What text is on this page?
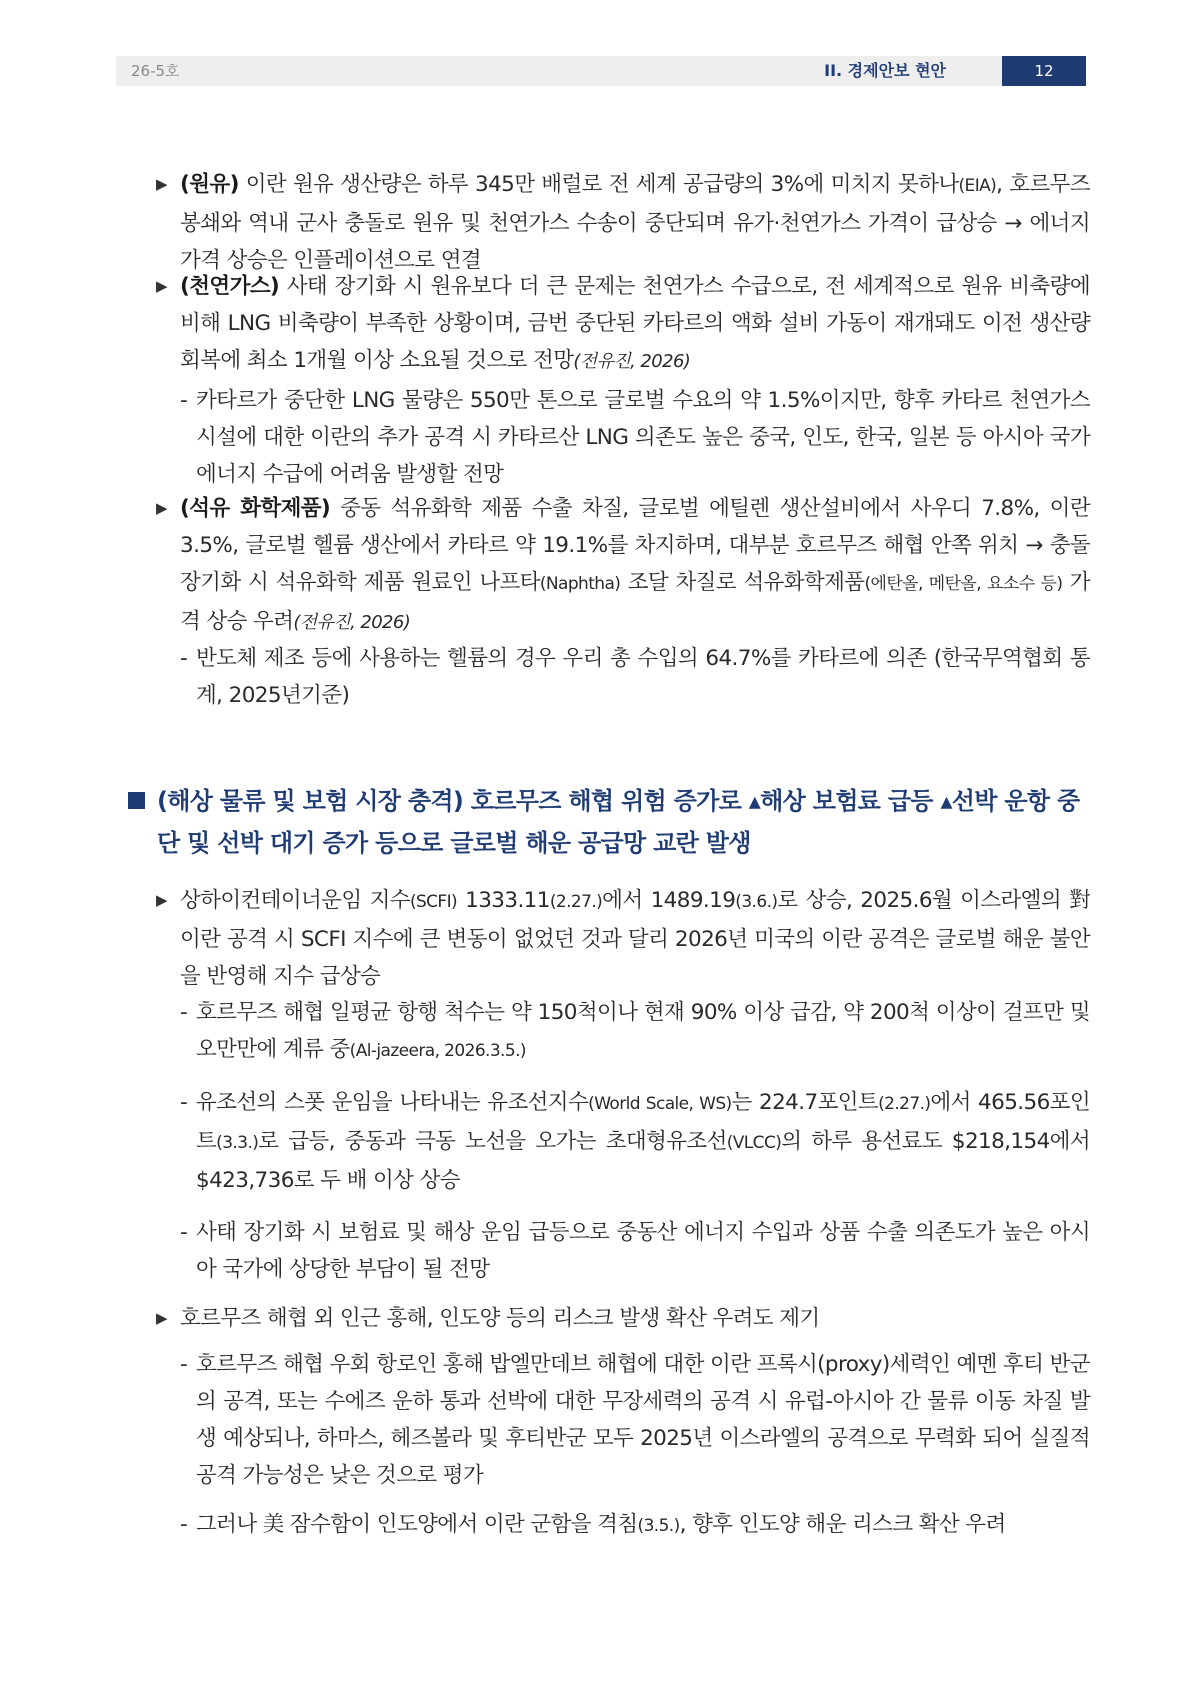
26-5호	II. 경제안보 현안	12
▶ (원유) 이란 원유 생산량은 하루 345만 배럴로 전 세계 공급량의 3%에 미치지 못하나(EIA), 호르무즈 봉쇄와 역내 군사 충돌로 원유 및 천연가스 수송이 중단되며 유가·천연가스 가격이 급상승 → 에너지 가격 상승은 인플레이션으로 연결
▶ (천연가스) 사태 장기화 시 원유보다 더 큰 문제는 천연가스 수급으로, 전 세계적으로 원유 비축량에 비해 LNG 비축량이 부족한 상황이며, 금번 중단된 카타르의 액화 설비 가동이 재개돼도 이전 생산량 회복에 최소 1개월 이상 소요될 것으로 전망(전유진, 2026)
- 카타르가 중단한 LNG 물량은 550만 톤으로 글로벌 수요의 약 1.5%이지만, 향후 카타르 천연가스 시설에 대한 이란의 추가 공격 시 카타르산 LNG 의존도 높은 중국, 인도, 한국, 일본 등 아시아 국가 에너지 수급에 어려움 발생할 전망
▶ (석유 화학제품) 중동 석유화학 제품 수출 차질, 글로벌 에틸렌 생산설비에서 사우디 7.8%, 이란 3.5%, 글로벌 헬륨 생산에서 카타르 약 19.1%를 차지하며, 대부분 호르무즈 해협 안쪽 위치 → 충돌 장기화 시 석유화학 제품 원료인 나프타(Naphtha) 조달 차질로 석유화학제품(에탄올, 메탄올, 요소수 등) 가격 상승 우려(전유진, 2026)
- 반도체 제조 등에 사용하는 헬륨의 경우 우리 총 수입의 64.7%를 카타르에 의존 (한국무역협회 통계, 2025년기준)
(해상 물류 및 보험 시장 충격) 호르무즈 해협 위험 증가로 ▴해상 보험료 급등 ▴선박 운항 중단 및 선박 대기 증가 등으로 글로벌 해운 공급망 교란 발생
▶ 상하이컨테이너운임 지수(SCFI) 1333.11(2.27.)에서 1489.19(3.6.)로 상승, 2025.6월 이스라엘의 對이란 공격 시 SCFI 지수에 큰 변동이 없었던 것과 달리 2026년 미국의 이란 공격은 글로벌 해운 불안을 반영해 지수 급상승
- 호르무즈 해협 일평균 항행 척수는 약 150척이나 현재 90% 이상 급감, 약 200척 이상이 걸프만 및 오만만에 계류 중(Al-jazeera, 2026.3.5.)
- 유조선의 스폿 운임을 나타내는 유조선지수(World Scale, WS)는 224.7포인트(2.27.)에서 465.56포인트(3.3.)로 급등, 중동과 극동 노선을 오가는 초대형유조선(VLCC)의 하루 용선료도 $218,154에서 $423,736로 두 배 이상 상승
- 사태 장기화 시 보험료 및 해상 운임 급등으로 중동산 에너지 수입과 상품 수출 의존도가 높은 아시아 국가에 상당한 부담이 될 전망
▶ 호르무즈 해협 외 인근 홍해, 인도양 등의 리스크 발생 확산 우려도 제기
- 호르무즈 해협 우회 항로인 홍해 밥엘만데브 해협에 대한 이란 프록시(proxy)세력인 예멘 후티 반군의 공격, 또는 수에즈 운하 통과 선박에 대한 무장세력의 공격 시 유럽-아시아 간 물류 이동 차질 발생 예상되나, 하마스, 헤즈볼라 및 후티반군 모두 2025년 이스라엘의 공격으로 무력화 되어 실질적 공격 가능성은 낮은 것으로 평가
- 그러나 美 잠수함이 인도양에서 이란 군함을 격침(3.5.), 향후 인도양 해운 리스크 확산 우려
